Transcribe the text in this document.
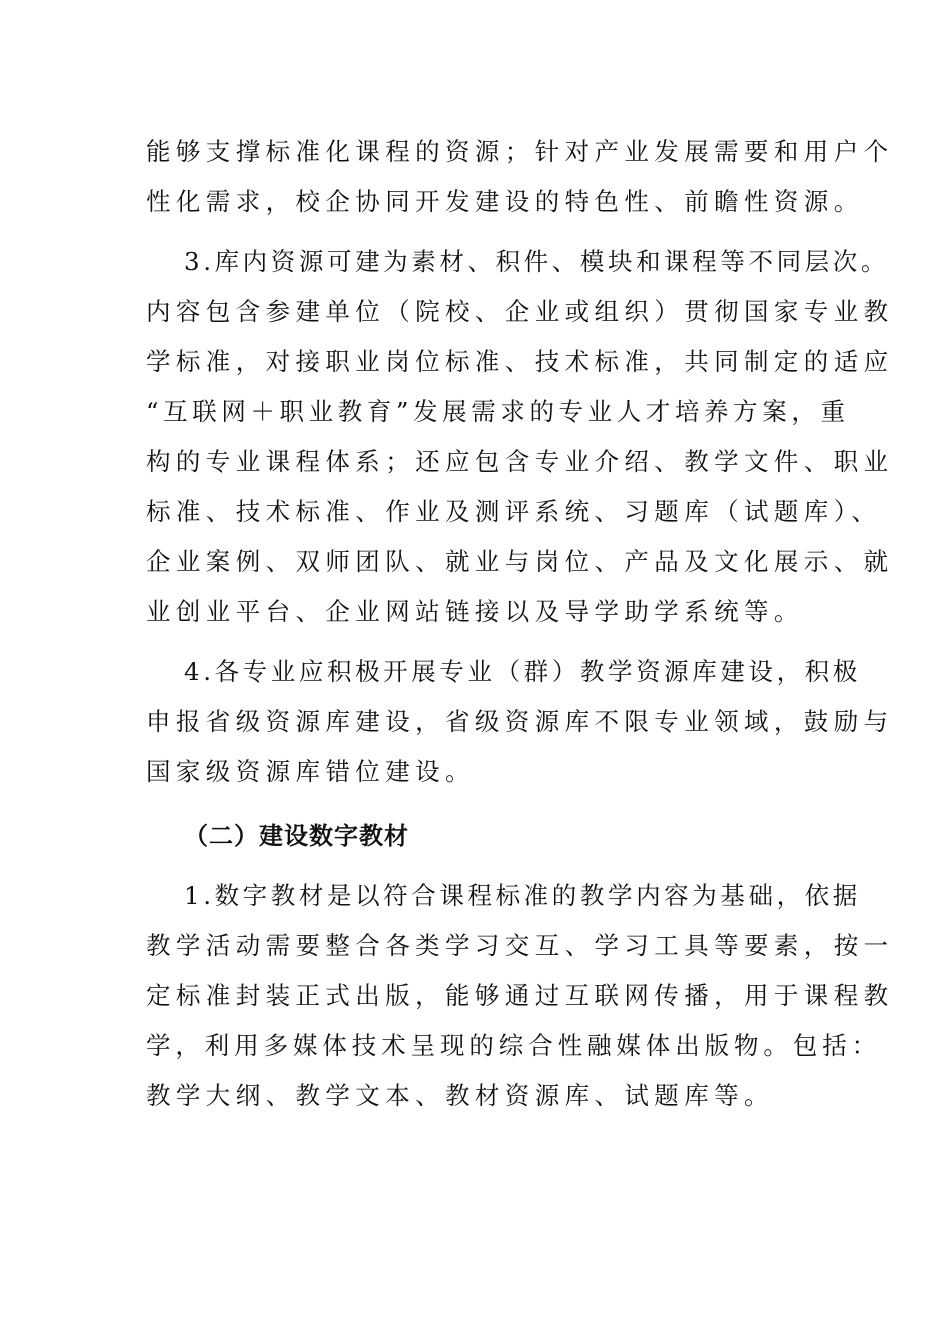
能够支撑标准化课程的资源；针对产业发展需要和用户个
性化需求，校企协同开发建设的特色性、前瞻性资源。
3.库内资源可建为素材、积件、模块和课程等不同层次。
内容包含参建单位（院校、企业或组织）贯彻国家专业教
学标准，对接职业岗位标准、技术标准，共同制定的适应
“互联网＋职业教育”发展需求的专业人才培养方案，重
构的专业课程体系；还应包含专业介绍、教学文件、职业
标准、技术标准、作业及测评系统、习题库（试题库）、
企业案例、双师团队、就业与岗位、产品及文化展示、就
业创业平台、企业网站链接以及导学助学系统等。
4.各专业应积极开展专业（群）教学资源库建设，积极
申报省级资源库建设，省级资源库不限专业领域，鼓励与
国家级资源库错位建设。
（二）建设数字教材
1.数字教材是以符合课程标准的教学内容为基础，依据
教学活动需要整合各类学习交互、学习工具等要素，按一
定标准封装正式出版，能够通过互联网传播，用于课程教
学，利用多媒体技术呈现的综合性融媒体出版物。包括：
教学大纲、教学文本、教材资源库、试题库等。
